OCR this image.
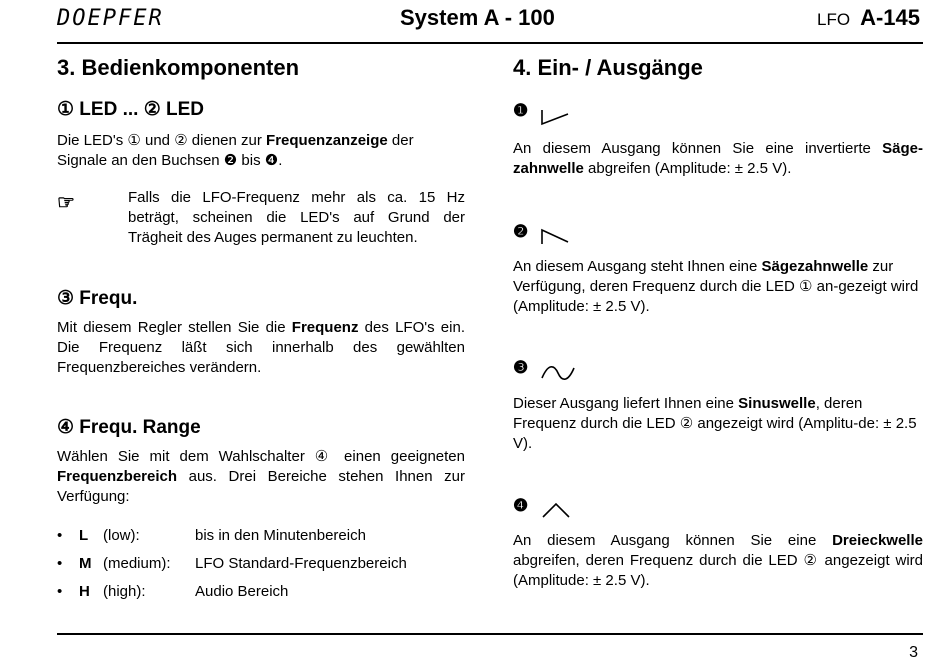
DOEPFER	System A - 100	LFO A-145
3. Bedienkomponenten
① LED ... ② LED

Die LED's ① und ② dienen zur Frequenzanzeige der Signale an den Buchsen ❷ bis ❹.

☞	Falls die LFO-Frequenz mehr als ca. 15 Hz beträgt, scheinen die LED's auf Grund der Trägheit des Auges permanent zu leuchten.

③ Frequ.

Mit diesem Regler stellen Sie die Frequenz des LFO's ein. Die Frequenz läßt sich innerhalb des gewählten Frequenzbereiches verändern.

④ Frequ. Range

Wählen Sie mit dem Wahlschalter ④ einen geeigneten Frequenzbereich aus. Drei Bereiche stehen Ihnen zur Verfügung:

• L (low):	bis in den Minutenbereich
• M (medium): LFO Standard-Frequenzbereich
• H (high):	Audio Bereich
4. Ein- / Ausgänge
❶

An diesem Ausgang können Sie eine invertierte Säge-zahnwelle abgreifen (Amplitude: ± 2.5 V).

❷

An diesem Ausgang steht Ihnen eine Sägezahnwelle zur Verfügung, deren Frequenz durch die LED ① an-gezeigt wird (Amplitude: ± 2.5 V).

❸

Dieser Ausgang liefert Ihnen eine Sinuswelle, deren Frequenz durch die LED ② angezeigt wird (Amplitu-de: ± 2.5 V).

❹

An diesem Ausgang können Sie eine Dreieckwelle abgreifen, deren Frequenz durch die LED ② angezeigt wird (Amplitude: ± 2.5 V).

3
